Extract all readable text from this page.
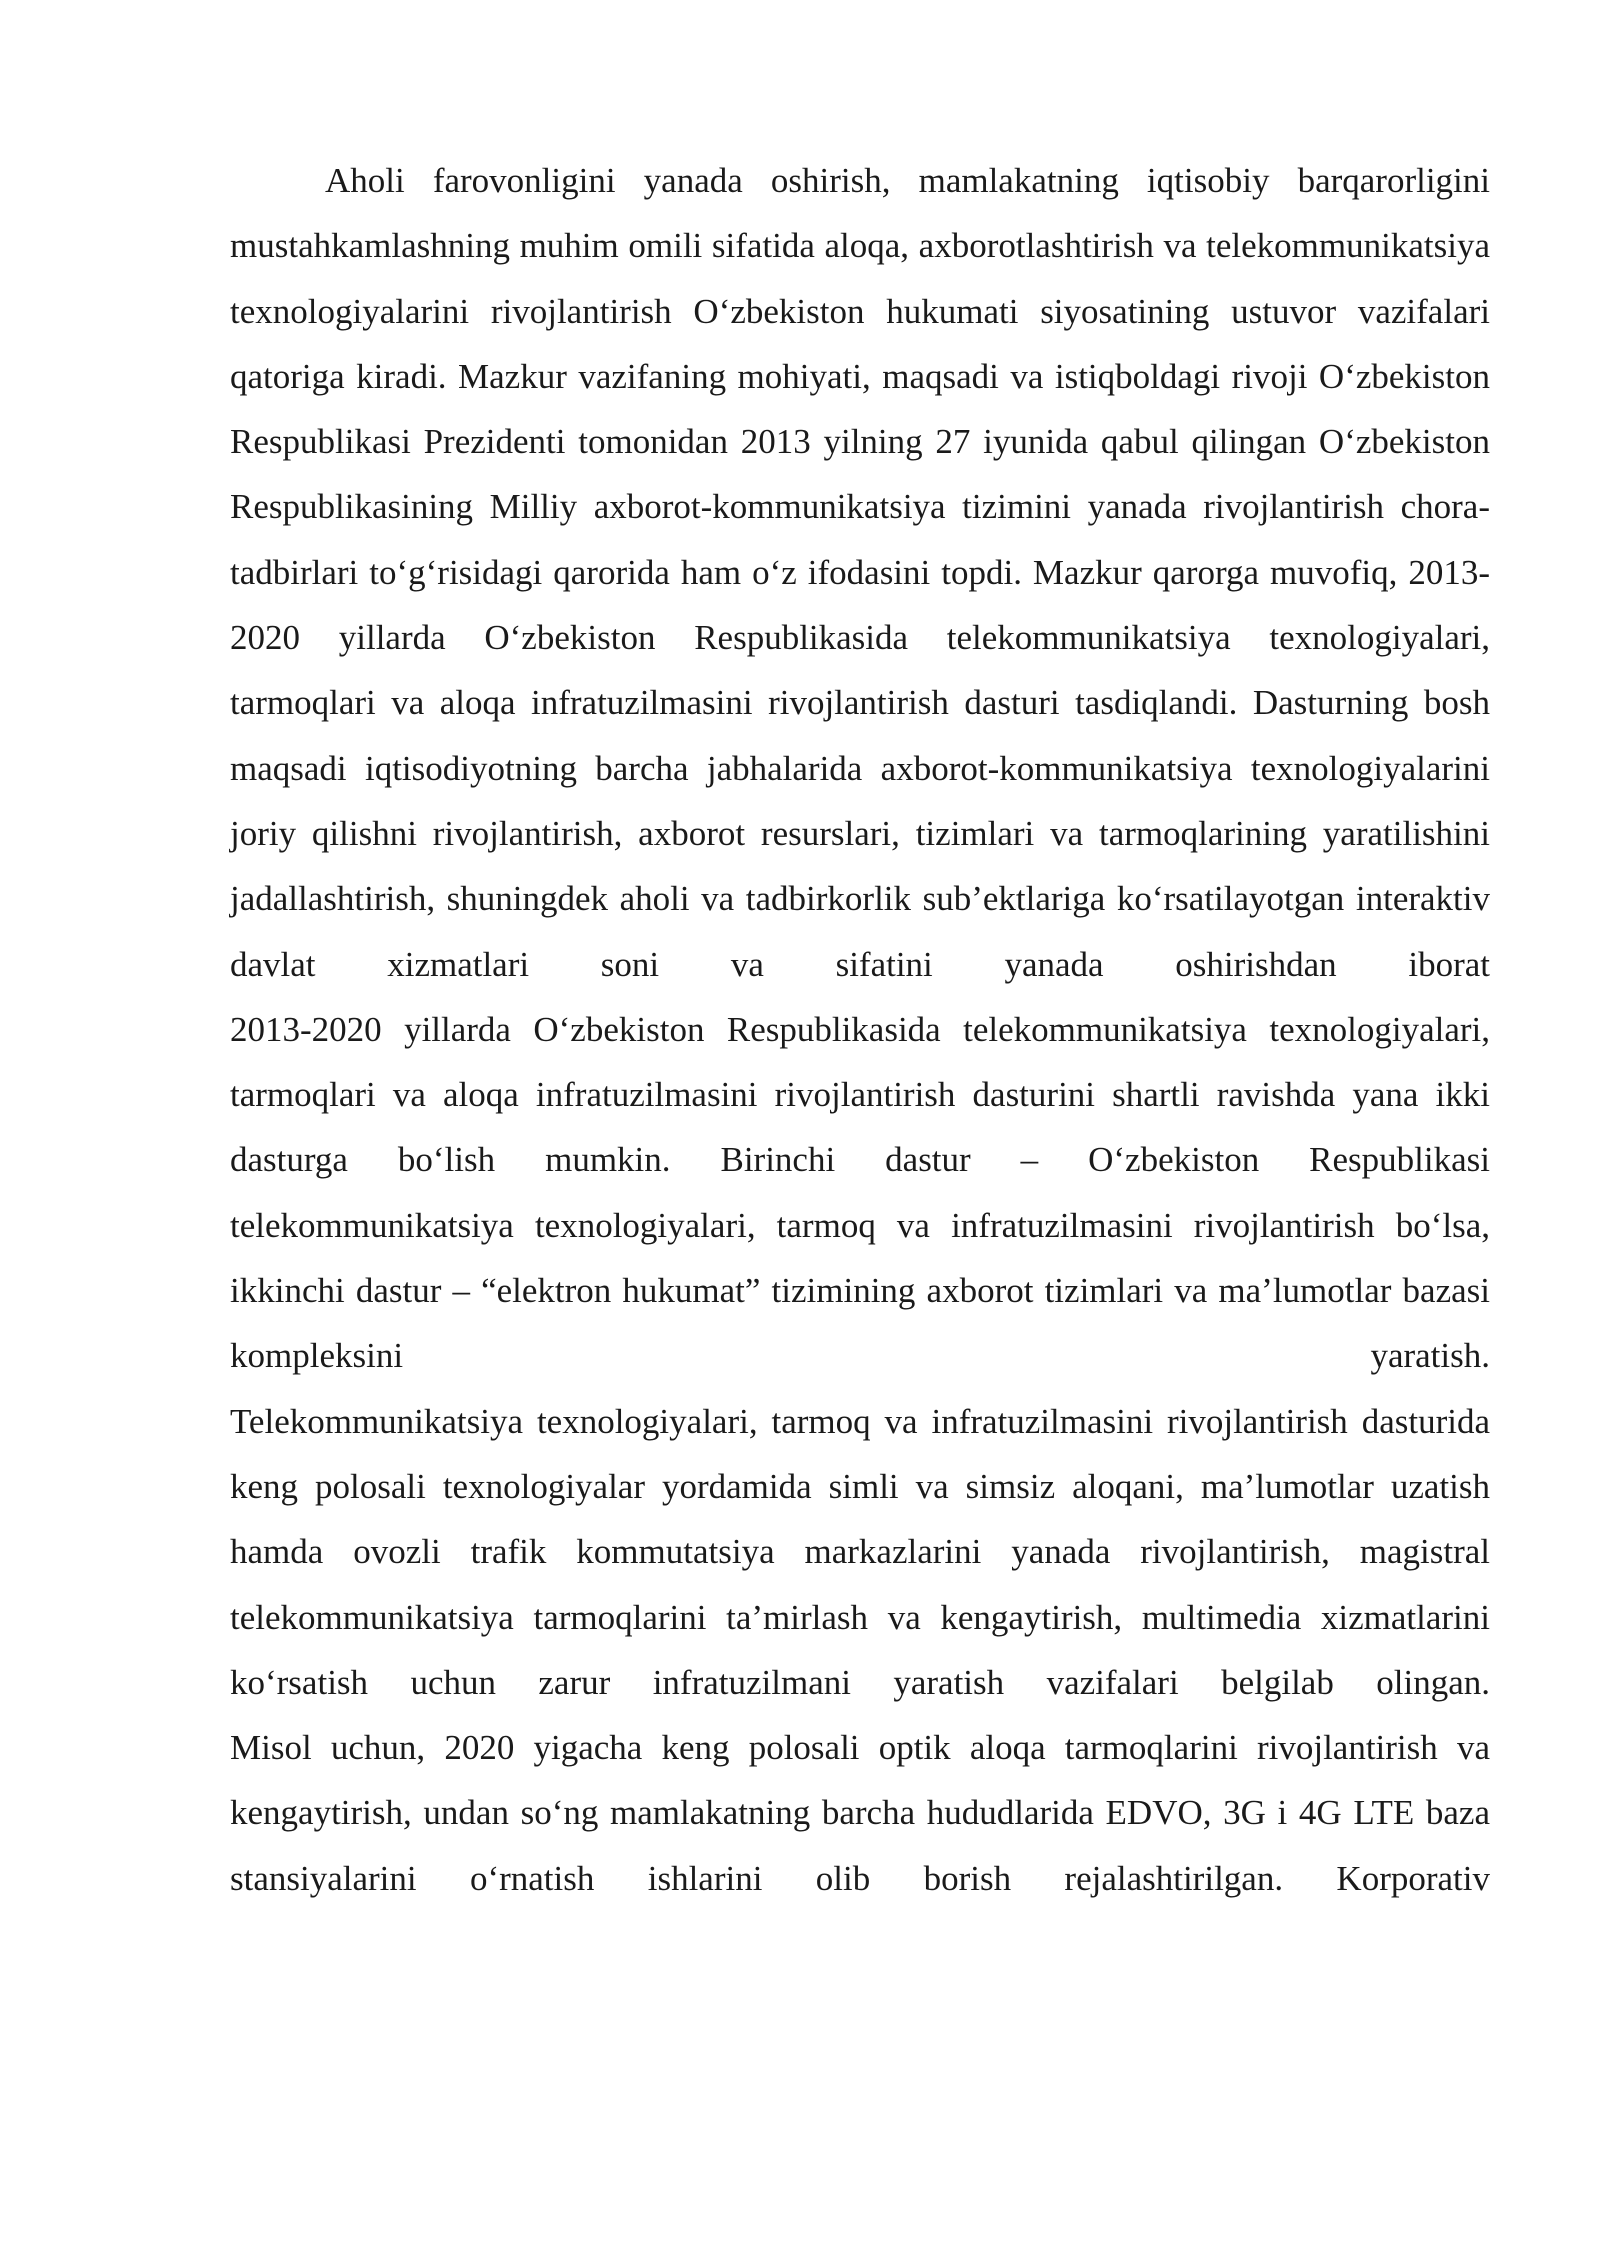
Aholi farovonligini yanada oshirish, mamlakatning iqtisobiy barqarorligini mustahkamlashning muhim omili sifatida aloqa, axborotlashtirish va telekommunikatsiya texnologiyalarini rivojlantirish O‘zbekiston hukumati siyosatining ustuvor vazifalari qatoriga kiradi. Mazkur vazifaning mohiyati, maqsadi va istiqboldagi rivoji O‘zbekiston Respublikasi Prezidenti tomonidan 2013 yilning 27 iyunida qabul qilingan O‘zbekiston Respublikasining Milliy axborot-kommunikatsiya tizimini yanada rivojlantirish chora-tadbirlari to‘g‘risidagi qarorida ham o‘z ifodasini topdi. Mazkur qarorga muvofiq, 2013-2020 yillarda O‘zbekiston Respublikasida telekommunikatsiya texnologiyalari, tarmoqlari va aloqa infratuzilmasini rivojlantirish dasturi tasdiqlandi. Dasturning bosh maqsadi iqtisodiyotning barcha jabhalarida axborot-kommunikatsiya texnologiyalarini joriy qilishni rivojlantirish, axborot resurslari, tizimlari va tarmoqlarining yaratilishini jadallashtirish, shuningdek aholi va tadbirkorlik sub’ektlariga ko‘rsatilayotgan interaktiv davlat xizmatlari soni va sifatini yanada oshirishdan iborat

2013-2020 yillarda O‘zbekiston Respublikasida telekommunikatsiya texnologiyalari, tarmoqlari va aloqa infratuzilmasini rivojlantirish dasturini shartli ravishda yana ikki dasturga bo‘lish mumkin. Birinchi dastur – O‘zbekiston Respublikasi telekommunikatsiya texnologiyalari, tarmoq va infratuzilmasini rivojlantirish bo‘lsa, ikkinchi dastur – “elektron hukumat” tizimining axborot tizimlari va ma’lumotlar bazasi kompleksini yaratish.

Telekommunikatsiya texnologiyalari, tarmoq va infratuzilmasini rivojlantirish dasturida keng polosali texnologiyalar yordamida simli va simsiz aloqani, ma’lumotlar uzatish hamda ovozli trafik kommutatsiya markazlarini yanada rivojlantirish, magistral telekommunikatsiya tarmoqlarini ta’mirlash va kengaytirish, multimedia xizmatlarini ko‘rsatish uchun zarur infratuzilmani yaratish vazifalari belgilab olingan.

Misol uchun, 2020 yigacha keng polosali optik aloqa tarmoqlarini rivojlantirish va kengaytirish, undan so‘ng mamlakatning barcha hududlarida EDVO, 3G i 4G LTE baza stansiyalarini o‘rnatish ishlarini olib borish rejalashtirilgan. Korporativ
